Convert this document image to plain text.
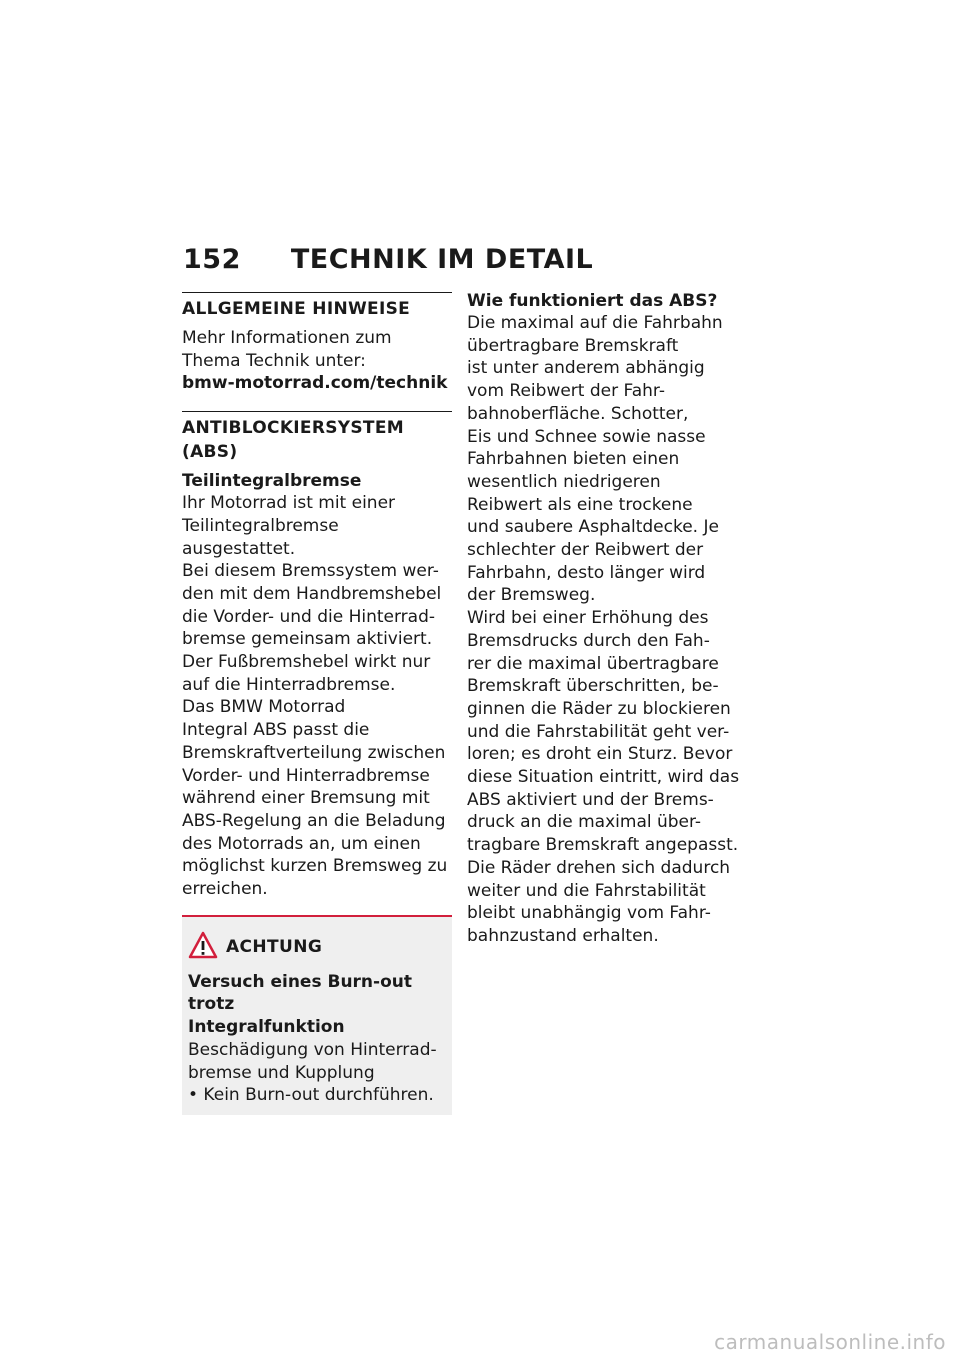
152 TECHNIK IM DETAIL
ALLGEMEINE HINWEISE
Mehr Informationen zum
Thema Technik unter:
bmw-motorrad.com/technik
ANTIBLOCKIERSYSTEM
(ABS)
Teilintegralbremse
Ihr Motorrad ist mit einer
Teilintegralbremse ausgestattet.
Bei diesem Bremssystem wer-
den mit dem Handbremshebel
die Vorder- und die Hinterrad-
bremse gemeinsam aktiviert.
Der Fußbremshebel wirkt nur
auf die Hinterradbremse.
Das BMW Motorrad
Integral ABS passt die
Bremskraftverteilung zwischen
Vorder- und Hinterradbremse
während einer Bremsung mit
ABS-Regelung an die Beladung
des Motorrads an, um einen
möglichst kurzen Bremsweg zu
erreichen.
ACHTUNG
Versuch eines Burn-out trotz
Integralfunktion
Beschädigung von Hinterrad-
bremse und Kupplung
• Kein Burn-out durchführen.
Wie funktioniert das ABS?
Die maximal auf die Fahrbahn
übertragbare Bremskraft
ist unter anderem abhängig
vom Reibwert der Fahr-
bahnoberfläche. Schotter,
Eis und Schnee sowie nasse
Fahrbahnen bieten einen
wesentlich niedrigeren
Reibwert als eine trockene
und saubere Asphaltdecke. Je
schlechter der Reibwert der
Fahrbahn, desto länger wird
der Bremsweg.
Wird bei einer Erhöhung des
Bremsdrucks durch den Fah-
rer die maximal übertragbare
Bremskraft überschritten, be-
ginnen die Räder zu blockieren
und die Fahrstabilität geht ver-
loren; es droht ein Sturz. Bevor
diese Situation eintritt, wird das
ABS aktiviert und der Brems-
druck an die maximal über-
tragbare Bremskraft angepasst.
Die Räder drehen sich dadurch
weiter und die Fahrstabilität
bleibt unabhängig vom Fahr-
bahnzustand erhalten.
carmanualsonline.info
